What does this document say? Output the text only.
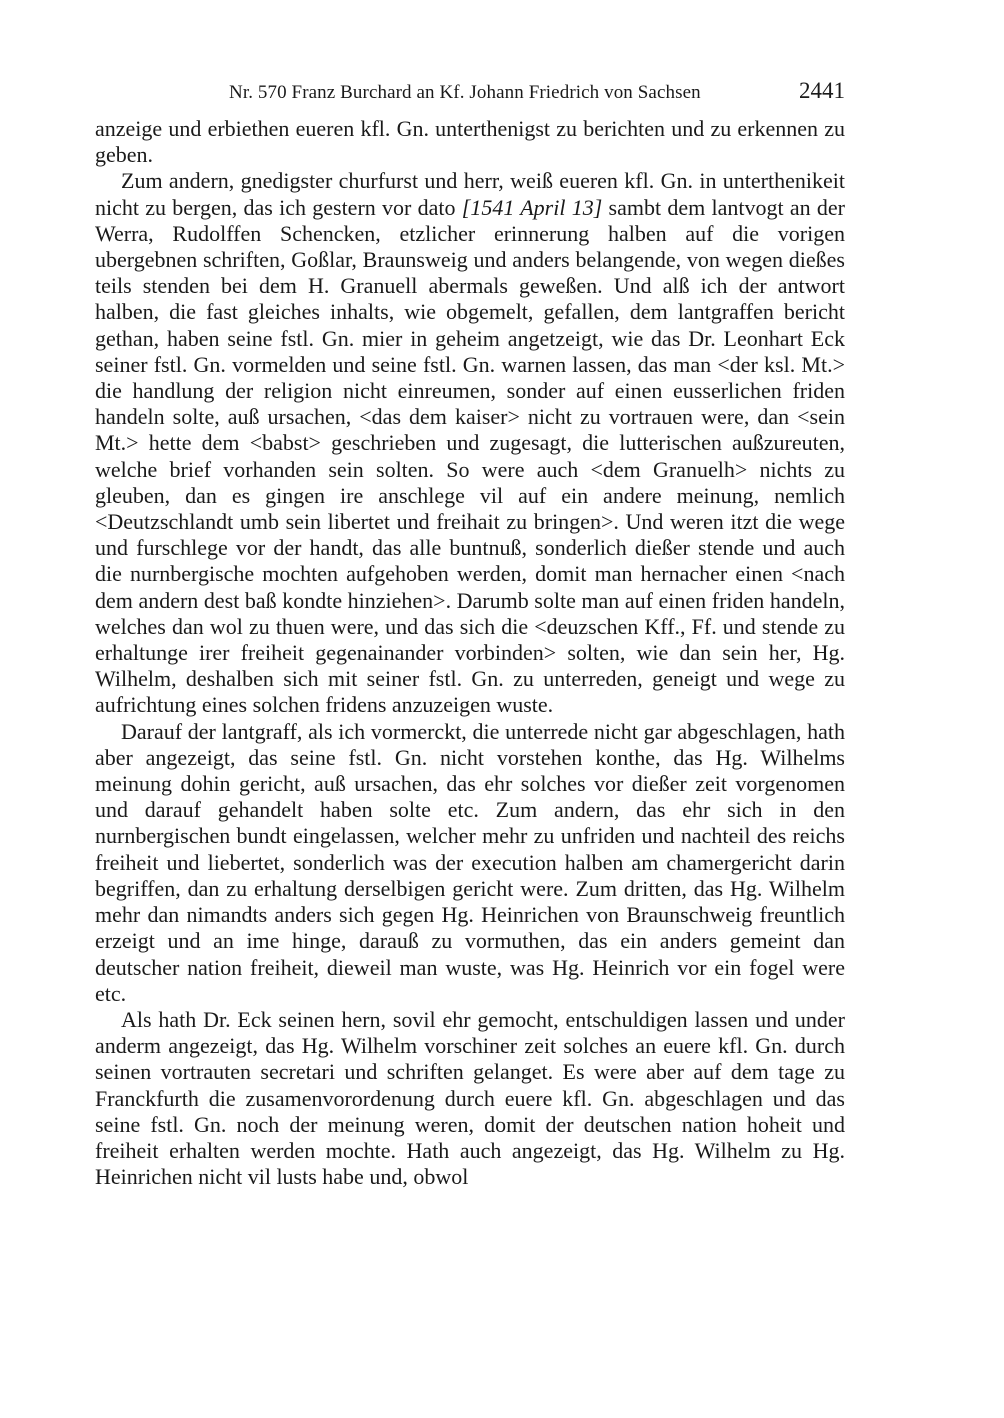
Nr. 570 Franz Burchard an Kf. Johann Friedrich von Sachsen	2441

anzeige und erbiethen eueren kfl. Gn. unterthenigst zu berichten und zu erkennen zu geben.

Zum andern, gnedigster churfurst und herr, weiß eueren kfl. Gn. in unterthenikeit nicht zu bergen, das ich gestern vor dato [1541 April 13] sambt dem lantvogt an der Werra, Rudolffen Schencken, etzlicher erinnerung halben auf die vorigen ubergebnen schriften, Goßlar, Braunsweig und anders belangende, von wegen dießes teils stenden bei dem H. Granuell abermals geweßen. Und alß ich der antwort halben, die fast gleiches inhalts, wie obgemelt, gefallen, dem lantgraffen bericht gethan, haben seine fstl. Gn. mier in geheim angetzeigt, wie das Dr. Leonhart Eck seiner fstl. Gn. vormelden und seine fstl. Gn. warnen lassen, das man <der ksl. Mt.> die handlung der religion nicht einreumen, sonder auf einen eusserlichen friden handeln solte, auß ursachen, <das dem kaiser> nicht zu vortrauen were, dan <sein Mt.> hette dem <babst> geschrieben und zugesagt, die lutterischen außzureuten, welche brief vorhanden sein solten. So were auch <dem Granuelh> nichts zu gleuben, dan es gingen ire anschlege vil auf ein andere meinung, nemlich <Deutzschlandt umb sein libertet und freihait zu bringen>. Und weren itzt die wege und furschlege vor der handt, das alle buntnuß, sonderlich dießer stende und auch die nurnbergische mochten aufgehoben werden, domit man hernacher einen <nach dem andern dest baß kondte hinziehen>. Darumb solte man auf einen friden handeln, welches dan wol zu thuen were, und das sich die <deuzschen Kff., Ff. und stende zu erhaltunge irer freiheit gegenainander vorbinden> solten, wie dan sein her, Hg. Wilhelm, deshalben sich mit seiner fstl. Gn. zu unterreden, geneigt und wege zu aufrichtung eines solchen fridens anzuzeigen wuste.

Darauf der lantgraff, als ich vormerckt, die unterrede nicht gar abgeschlagen, hath aber angezeigt, das seine fstl. Gn. nicht vorstehen konthe, das Hg. Wilhelms meinung dohin gericht, auß ursachen, das ehr solches vor dießer zeit vorgenomen und darauf gehandelt haben solte etc. Zum andern, das ehr sich in den nurnbergischen bundt eingelassen, welcher mehr zu unfriden und nachteil des reichs freiheit und liebertet, sonderlich was der execution halben am chamergericht darin begriffen, dan zu erhaltung derselbigen gericht were. Zum dritten, das Hg. Wilhelm mehr dan nimandts anders sich gegen Hg. Heinrichen von Braunschweig freuntlich erzeigt und an ime hinge, darauß zu vormuthen, das ein anders gemeint dan deutscher nation freiheit, dieweil man wuste, was Hg. Heinrich vor ein fogel were etc.

Als hath Dr. Eck seinen hern, sovil ehr gemocht, entschuldigen lassen und under anderm angezeigt, das Hg. Wilhelm vorschiner zeit solches an euere kfl. Gn. durch seinen vortrauten secretari und schriften gelanget. Es were aber auf dem tage zu Franckfurth die zusamenvorordenung durch euere kfl. Gn. abgeschlagen und das seine fstl. Gn. noch der meinung weren, domit der deutschen nation hoheit und freiheit erhalten werden mochte. Hath auch angezeigt, das Hg. Wilhelm zu Hg. Heinrichen nicht vil lusts habe und, obwol
